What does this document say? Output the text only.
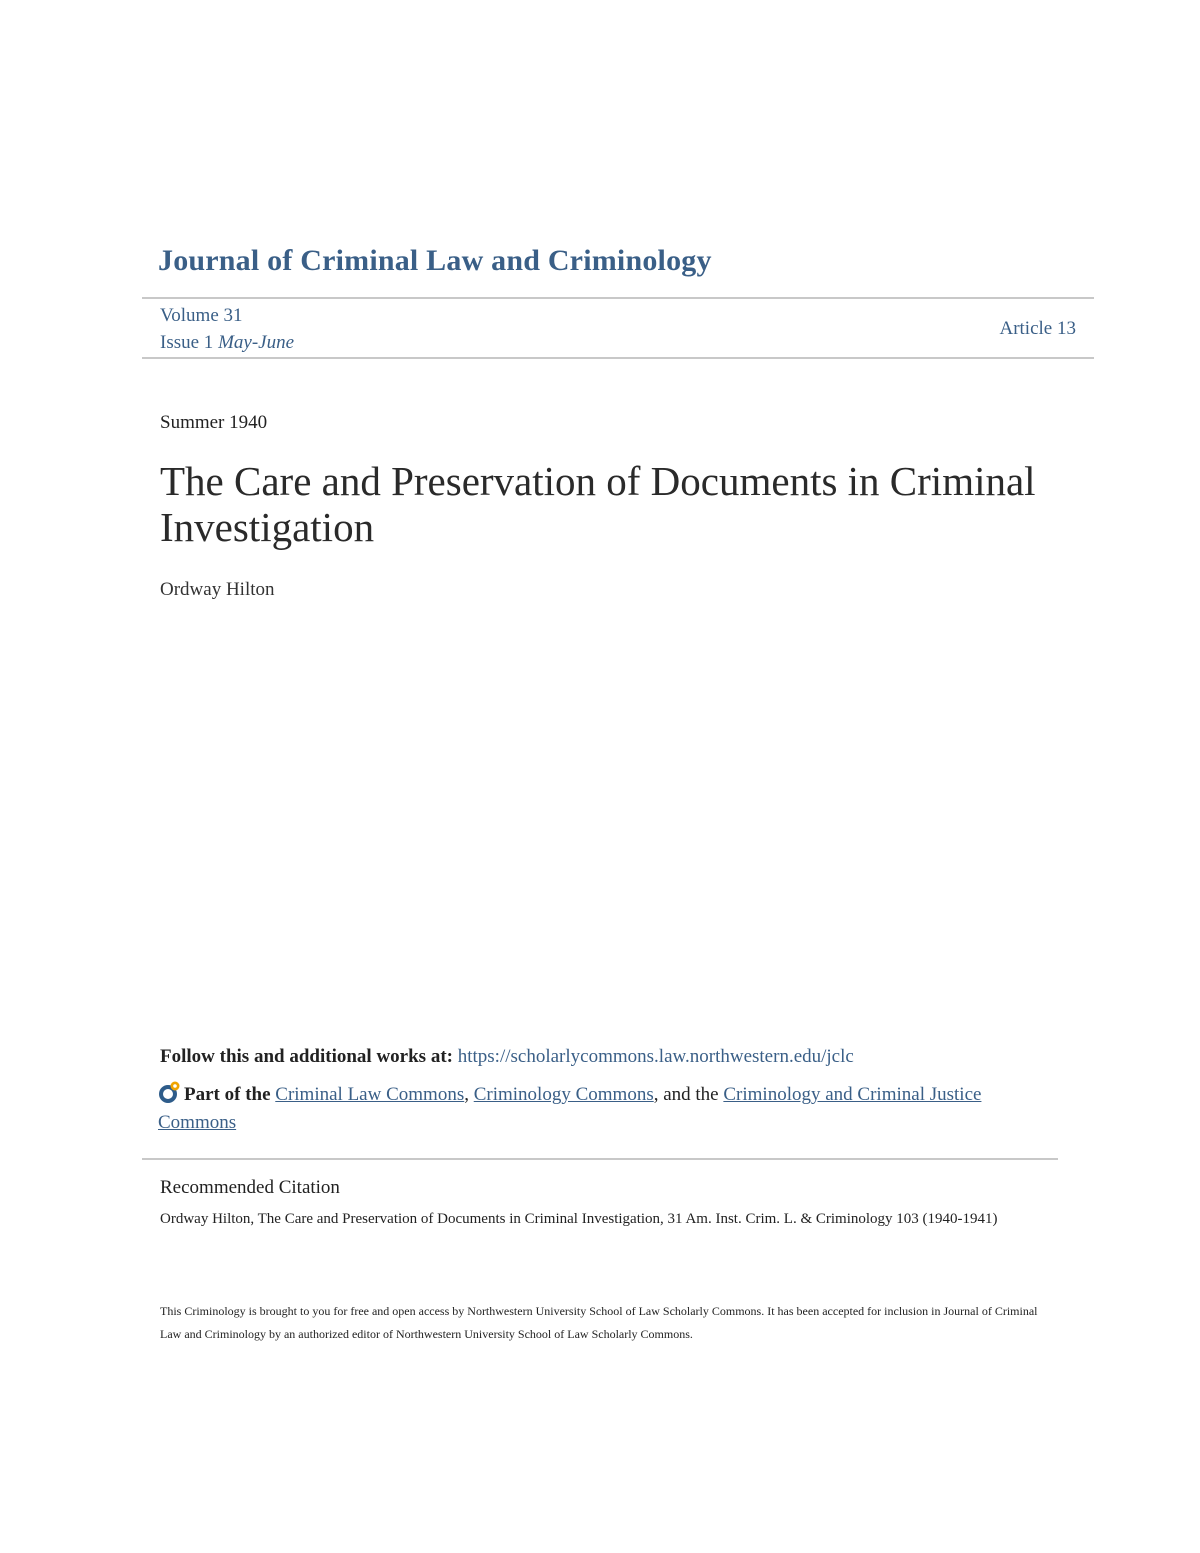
Journal of Criminal Law and Criminology
Volume 31
Issue 1 May-June
Article 13
Summer 1940
The Care and Preservation of Documents in Criminal Investigation
Ordway Hilton
Follow this and additional works at: https://scholarlycommons.law.northwestern.edu/jclc
Part of the Criminal Law Commons, Criminology Commons, and the Criminology and Criminal Justice Commons
Recommended Citation
Ordway Hilton, The Care and Preservation of Documents in Criminal Investigation, 31 Am. Inst. Crim. L. & Criminology 103 (1940-1941)
This Criminology is brought to you for free and open access by Northwestern University School of Law Scholarly Commons. It has been accepted for inclusion in Journal of Criminal Law and Criminology by an authorized editor of Northwestern University School of Law Scholarly Commons.
